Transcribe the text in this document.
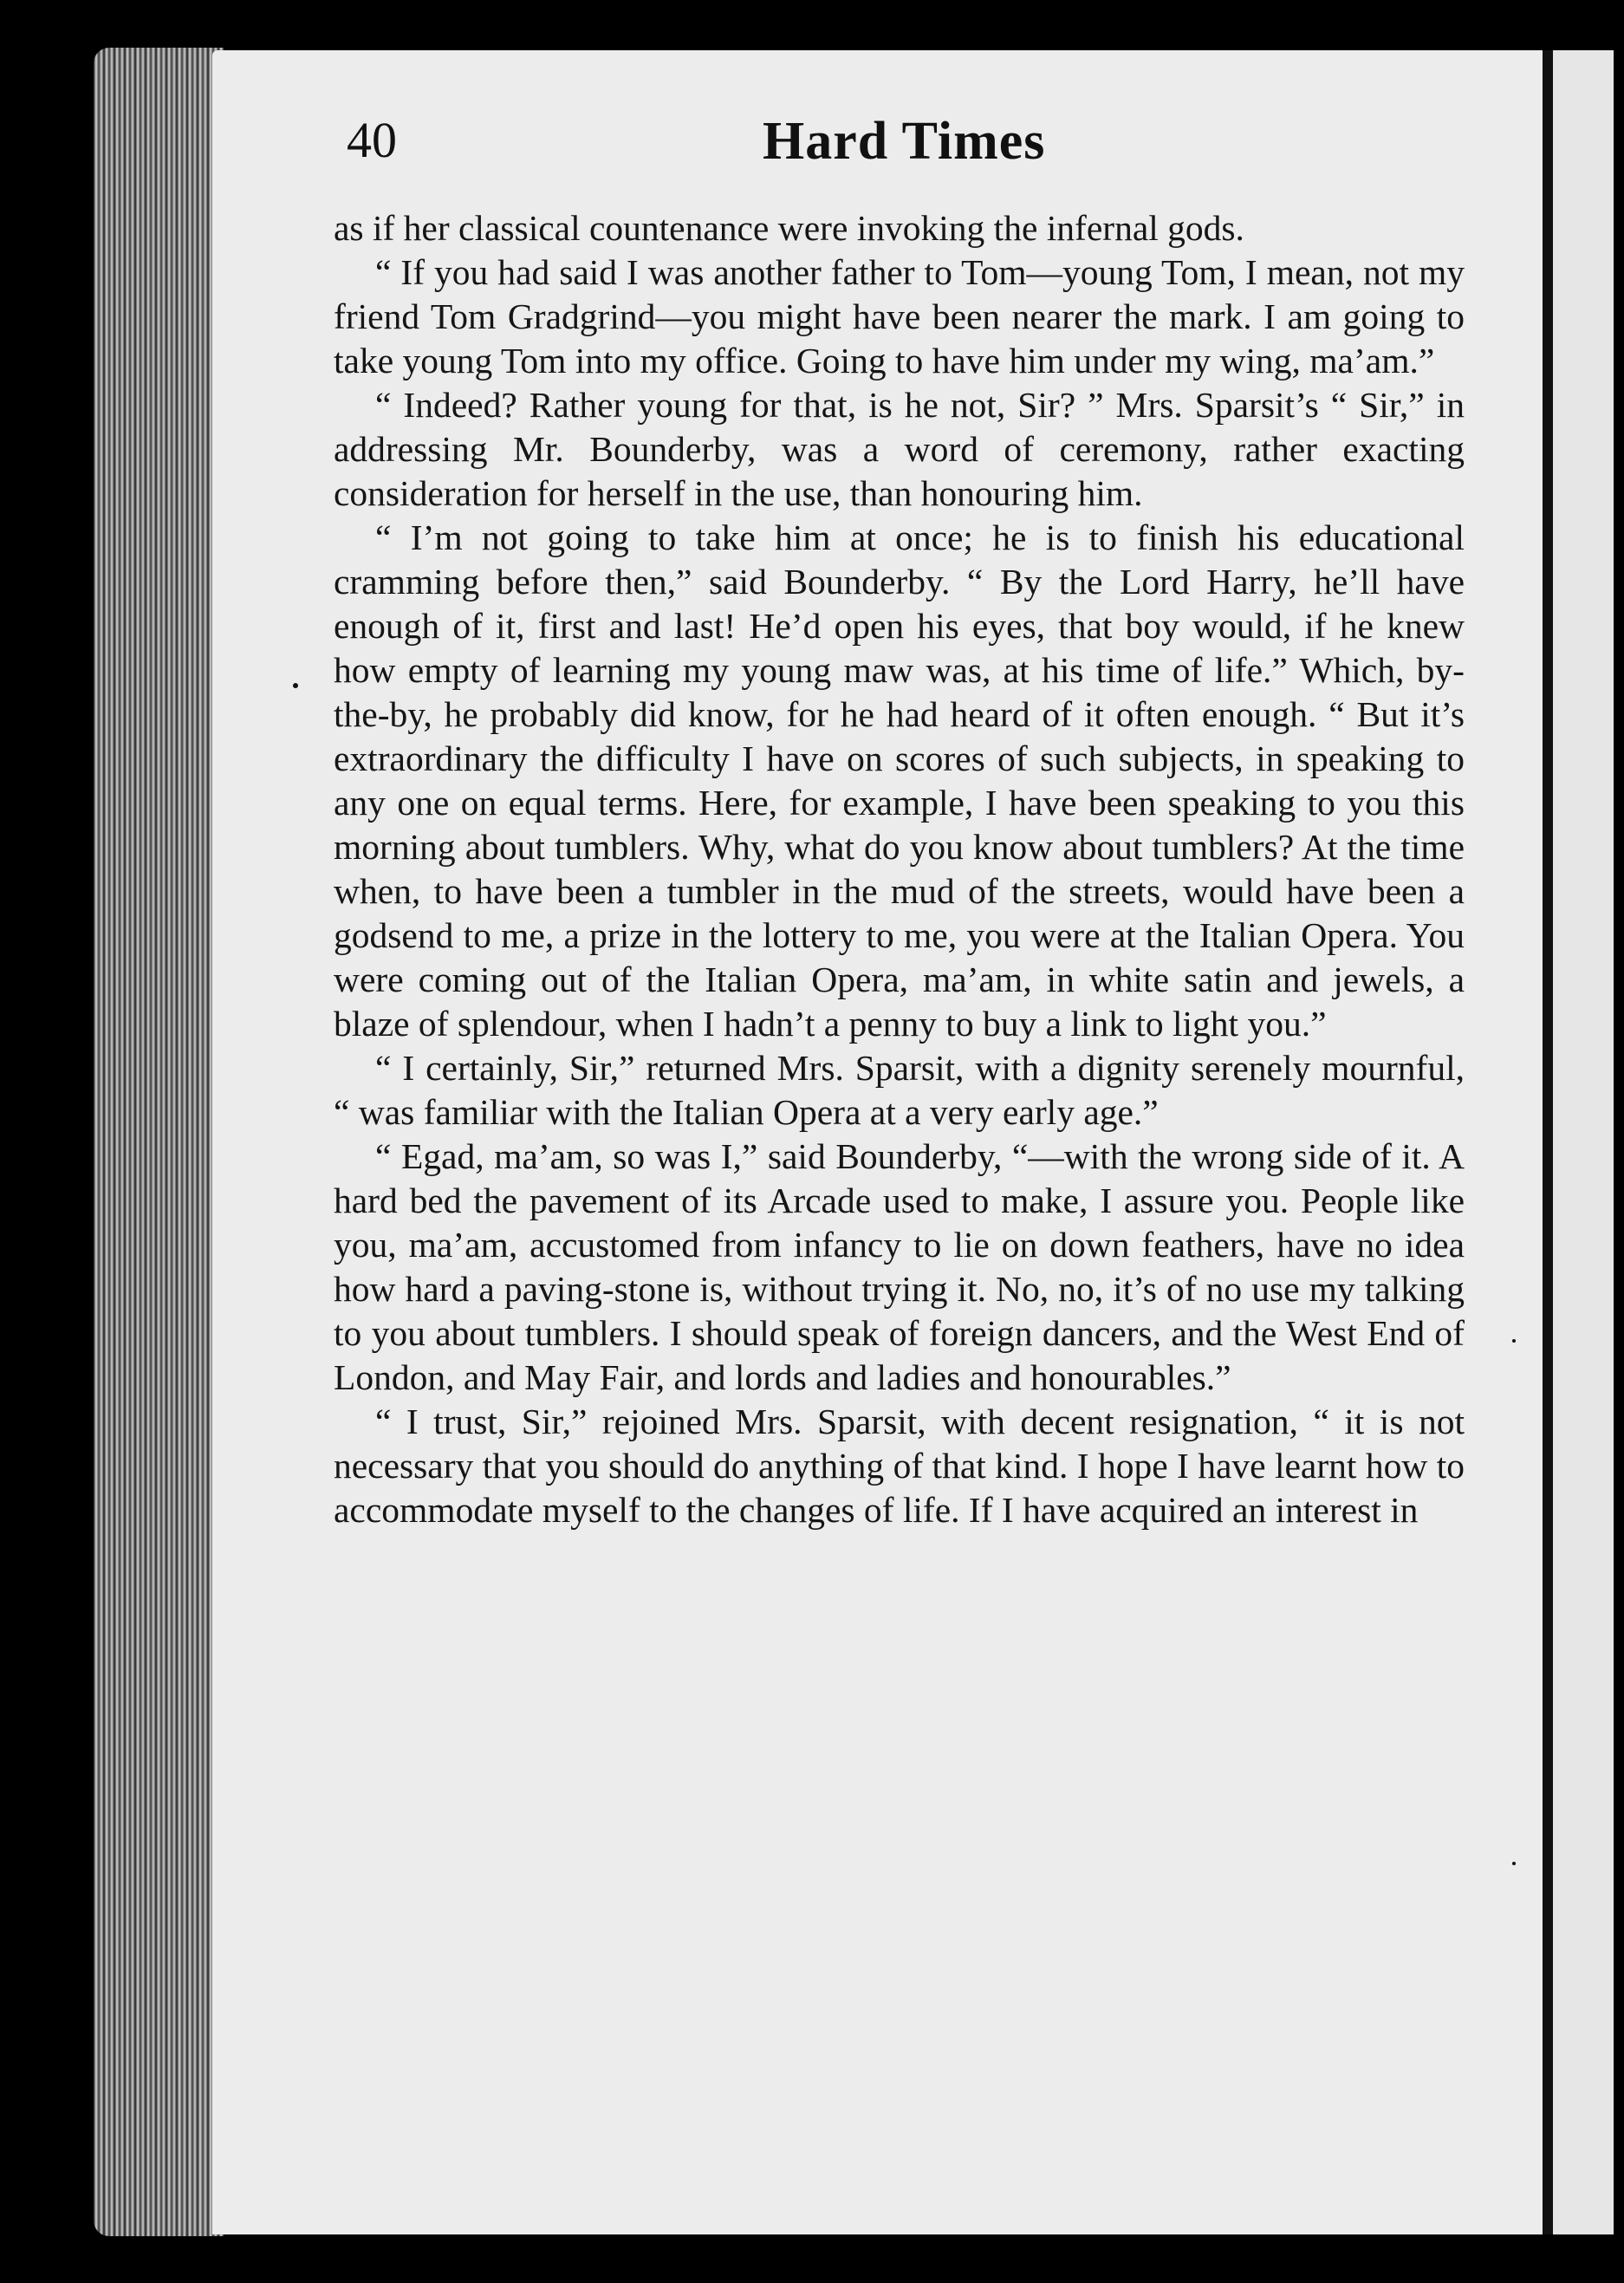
40	Hard Times

as if her classical countenance were invoking the infernal gods.

“ If you had said I was another father to Tom—young Tom, I mean, not my friend Tom Gradgrind—you might have been nearer the mark. I am going to take young Tom into my office. Going to have him under my wing, ma’am.”

“ Indeed? Rather young for that, is he not, Sir? ” Mrs. Sparsit’s “ Sir,” in addressing Mr. Bounderby, was a word of ceremony, rather exacting consideration for herself in the use, than honouring him.

“ I’m not going to take him at once; he is to finish his educational cramming before then,” said Bounderby. “ By the Lord Harry, he’ll have enough of it, first and last! He’d open his eyes, that boy would, if he knew how empty of learning my young maw was, at his time of life.” Which, by-the-by, he probably did know, for he had heard of it often enough. “ But it’s extraordinary the difficulty I have on scores of such subjects, in speaking to any one on equal terms. Here, for example, I have been speaking to you this morning about tumblers. Why, what do you know about tumblers? At the time when, to have been a tumbler in the mud of the streets, would have been a godsend to me, a prize in the lottery to me, you were at the Italian Opera. You were coming out of the Italian Opera, ma’am, in white satin and jewels, a blaze of splendour, when I hadn’t a penny to buy a link to light you.”

“ I certainly, Sir,” returned Mrs. Sparsit, with a dignity serenely mournful, “ was familiar with the Italian Opera at a very early age.”

“ Egad, ma’am, so was I,” said Bounderby, “—with the wrong side of it. A hard bed the pavement of its Arcade used to make, I assure you. People like you, ma’am, accustomed from infancy to lie on down feathers, have no idea how hard a paving-stone is, without trying it. No, no, it’s of no use my talking to you about tumblers. I should speak of foreign dancers, and the West End of London, and May Fair, and lords and ladies and honourables.”

“ I trust, Sir,” rejoined Mrs. Sparsit, with decent resignation, “ it is not necessary that you should do anything of that kind. I hope I have learnt how to accommodate myself to the changes of life. If I have acquired an interest in
